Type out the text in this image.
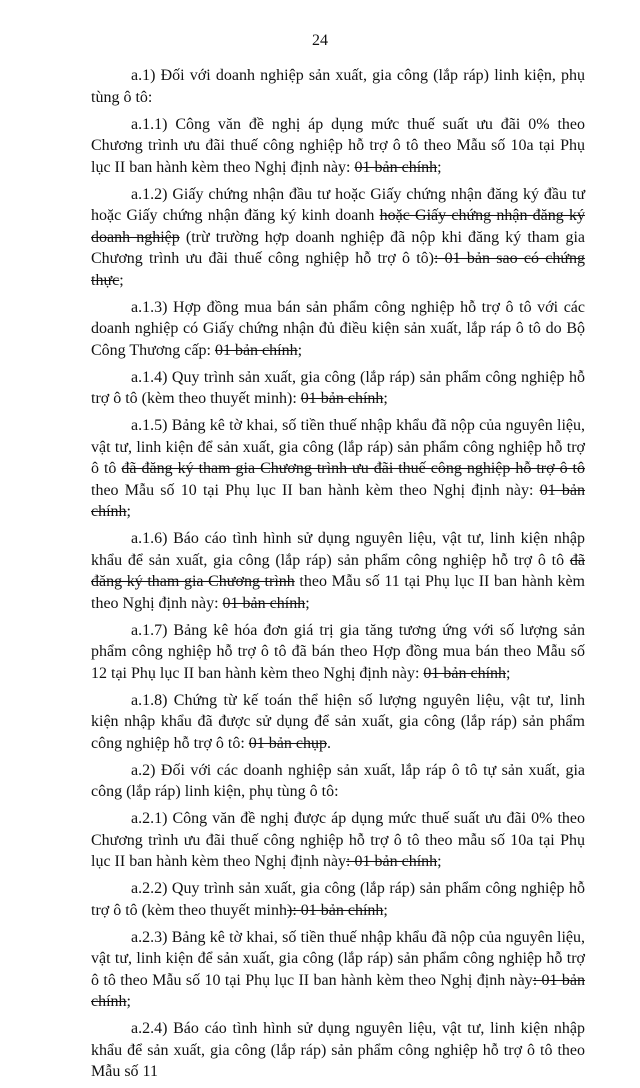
24

a.1) Đối với doanh nghiệp sản xuất, gia công (lắp ráp) linh kiện, phụ tùng ô tô:

a.1.1) Công văn đề nghị áp dụng mức thuế suất ưu đãi 0% theo Chương trình ưu đãi thuế công nghiệp hỗ trợ ô tô theo Mẫu số 10a tại Phụ lục II ban hành kèm theo Nghị định này: 01 bản chính;

a.1.2) Giấy chứng nhận đầu tư hoặc Giấy chứng nhận đăng ký đầu tư hoặc Giấy chứng nhận đăng ký kinh doanh hoặc Giấy chứng nhận đăng ký doanh nghiệp (trừ trường hợp doanh nghiệp đã nộp khi đăng ký tham gia Chương trình ưu đãi thuế công nghiệp hỗ trợ ô tô): 01 bản sao có chứng thực;

a.1.3) Hợp đồng mua bán sản phẩm công nghiệp hỗ trợ ô tô với các doanh nghiệp có Giấy chứng nhận đủ điều kiện sản xuất, lắp ráp ô tô do Bộ Công Thương cấp: 01 bản chính;

a.1.4) Quy trình sản xuất, gia công (lắp ráp) sản phẩm công nghiệp hỗ trợ ô tô (kèm theo thuyết minh): 01 bản chính;

a.1.5) Bảng kê tờ khai, số tiền thuế nhập khẩu đã nộp của nguyên liệu, vật tư, linh kiện để sản xuất, gia công (lắp ráp) sản phẩm công nghiệp hỗ trợ ô tô đã đăng ký tham gia Chương trình ưu đãi thuế công nghiệp hỗ trợ ô tô theo Mẫu số 10 tại Phụ lục II ban hành kèm theo Nghị định này: 01 bản chính;

a.1.6) Báo cáo tình hình sử dụng nguyên liệu, vật tư, linh kiện nhập khẩu để sản xuất, gia công (lắp ráp) sản phẩm công nghiệp hỗ trợ ô tô đã đăng ký tham gia Chương trình theo Mẫu số 11 tại Phụ lục II ban hành kèm theo Nghị định này: 01 bản chính;

a.1.7) Bảng kê hóa đơn giá trị gia tăng tương ứng với số lượng sản phẩm công nghiệp hỗ trợ ô tô đã bán theo Hợp đồng mua bán theo Mẫu số 12 tại Phụ lục II ban hành kèm theo Nghị định này: 01 bản chính;

a.1.8) Chứng từ kế toán thể hiện số lượng nguyên liệu, vật tư, linh kiện nhập khẩu đã được sử dụng để sản xuất, gia công (lắp ráp) sản phẩm công nghiệp hỗ trợ ô tô: 01 bản chụp.

a.2) Đối với các doanh nghiệp sản xuất, lắp ráp ô tô tự sản xuất, gia công (lắp ráp) linh kiện, phụ tùng ô tô:

a.2.1) Công văn đề nghị được áp dụng mức thuế suất ưu đãi 0% theo Chương trình ưu đãi thuế công nghiệp hỗ trợ ô tô theo mẫu số 10a tại Phụ lục II ban hành kèm theo Nghị định này: 01 bản chính;

a.2.2) Quy trình sản xuất, gia công (lắp ráp) sản phẩm công nghiệp hỗ trợ ô tô (kèm theo thuyết minh): 01 bản chính;

a.2.3) Bảng kê tờ khai, số tiền thuế nhập khẩu đã nộp của nguyên liệu, vật tư, linh kiện để sản xuất, gia công (lắp ráp) sản phẩm công nghiệp hỗ trợ ô tô theo Mẫu số 10 tại Phụ lục II ban hành kèm theo Nghị định này: 01 bản chính;

a.2.4) Báo cáo tình hình sử dụng nguyên liệu, vật tư, linh kiện nhập khẩu để sản xuất, gia công (lắp ráp) sản phẩm công nghiệp hỗ trợ ô tô theo Mẫu số 11
